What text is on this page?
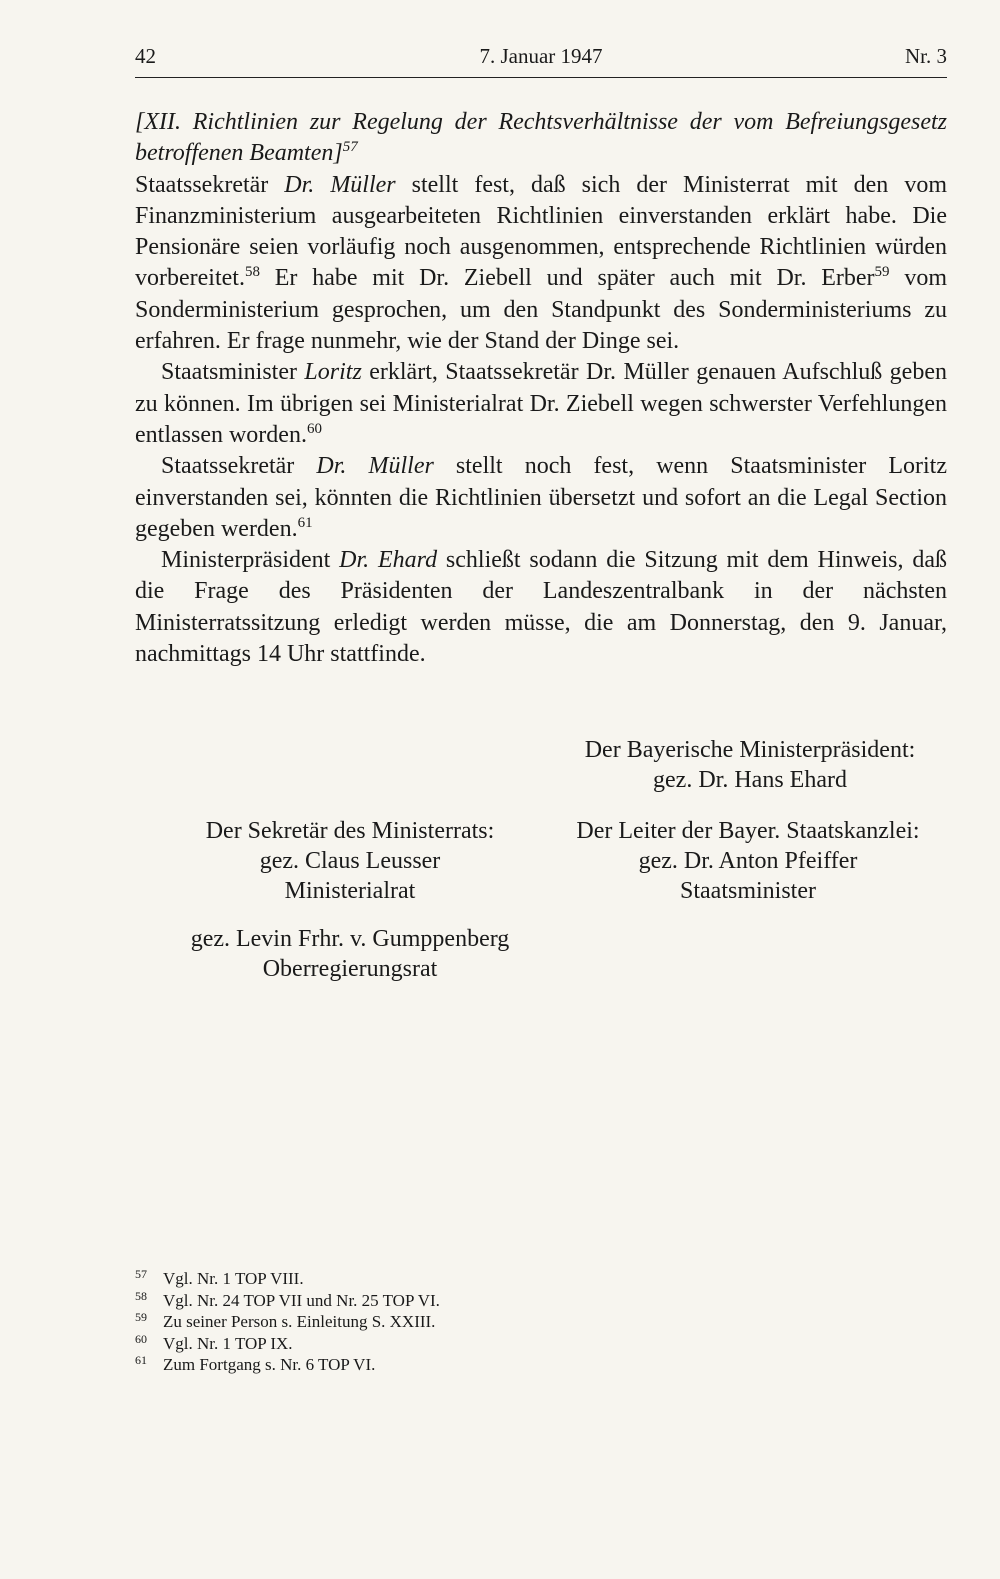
42	7. Januar 1947	Nr. 3

[XII. Richtlinien zur Regelung der Rechtsverhältnisse der vom Befreiungsgesetz betroffenen Beamten]$^{57}$

Staatssekretär Dr. Müller stellt fest, daß sich der Ministerrat mit den vom Finanzministerium ausgearbeiteten Richtlinien einverstanden erklärt habe. Die Pensionäre seien vorläufig noch ausgenommen, entsprechende Richtlinien würden vorbereitet.$^{58}$ Er habe mit Dr. Ziebell und später auch mit Dr. Erber$^{59}$ vom Sonderministerium gesprochen, um den Standpunkt des Sonderministeriums zu erfahren. Er frage nunmehr, wie der Stand der Dinge sei.

Staatsminister Loritz erklärt, Staatssekretär Dr. Müller genauen Aufschluß geben zu können. Im übrigen sei Ministerialrat Dr. Ziebell wegen schwerster Verfehlungen entlassen worden.$^{60}$

Staatssekretär Dr. Müller stellt noch fest, wenn Staatsminister Loritz einverstanden sei, könnten die Richtlinien übersetzt und sofort an die Legal Section gegeben werden.$^{61}$

Ministerpräsident Dr. Ehard schließt sodann die Sitzung mit dem Hinweis, daß die Frage des Präsidenten der Landeszentralbank in der nächsten Ministerratssitzung erledigt werden müsse, die am Donnerstag, den 9. Januar, nachmittags 14 Uhr stattfinde.

Der Bayerische Ministerpräsident:
gez. Dr. Hans Ehard
Der Sekretär des Ministerrats:
gez. Claus Leusser
Ministerialrat
Der Leiter der Bayer. Staatskanzlei:
gez. Dr. Anton Pfeiffer
Staatsminister
gez. Levin Frhr. v. Gumppenberg
Oberregierungsrat
57 Vgl. Nr. 1 TOP VIII.
58 Vgl. Nr. 24 TOP VII und Nr. 25 TOP VI.
59 Zu seiner Person s. Einleitung S. XXIII.
60 Vgl. Nr. 1 TOP IX.
61 Zum Fortgang s. Nr. 6 TOP VI.
